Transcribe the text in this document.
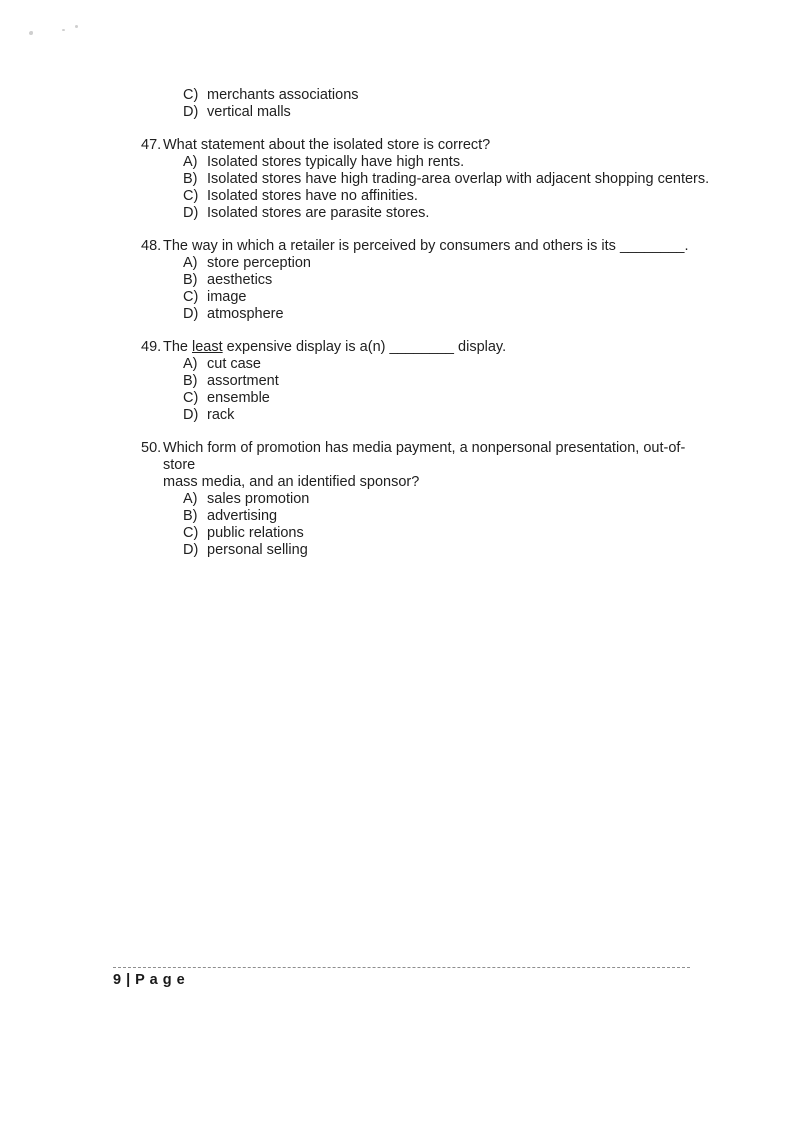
C) merchants associations
D) vertical malls
47. What statement about the isolated store is correct?
A) Isolated stores typically have high rents.
B) Isolated stores have high trading-area overlap with adjacent shopping centers.
C) Isolated stores have no affinities.
D) Isolated stores are parasite stores.
48. The way in which a retailer is perceived by consumers and others is its ________.
A) store perception
B) aesthetics
C) image
D) atmosphere
49. The least expensive display is a(n) ________ display.
A) cut case
B) assortment
C) ensemble
D) rack
50. Which form of promotion has media payment, a nonpersonal presentation, out-of-store
mass media, and an identified sponsor?
A) sales promotion
B) advertising
C) public relations
D) personal selling
9 | P a g e
